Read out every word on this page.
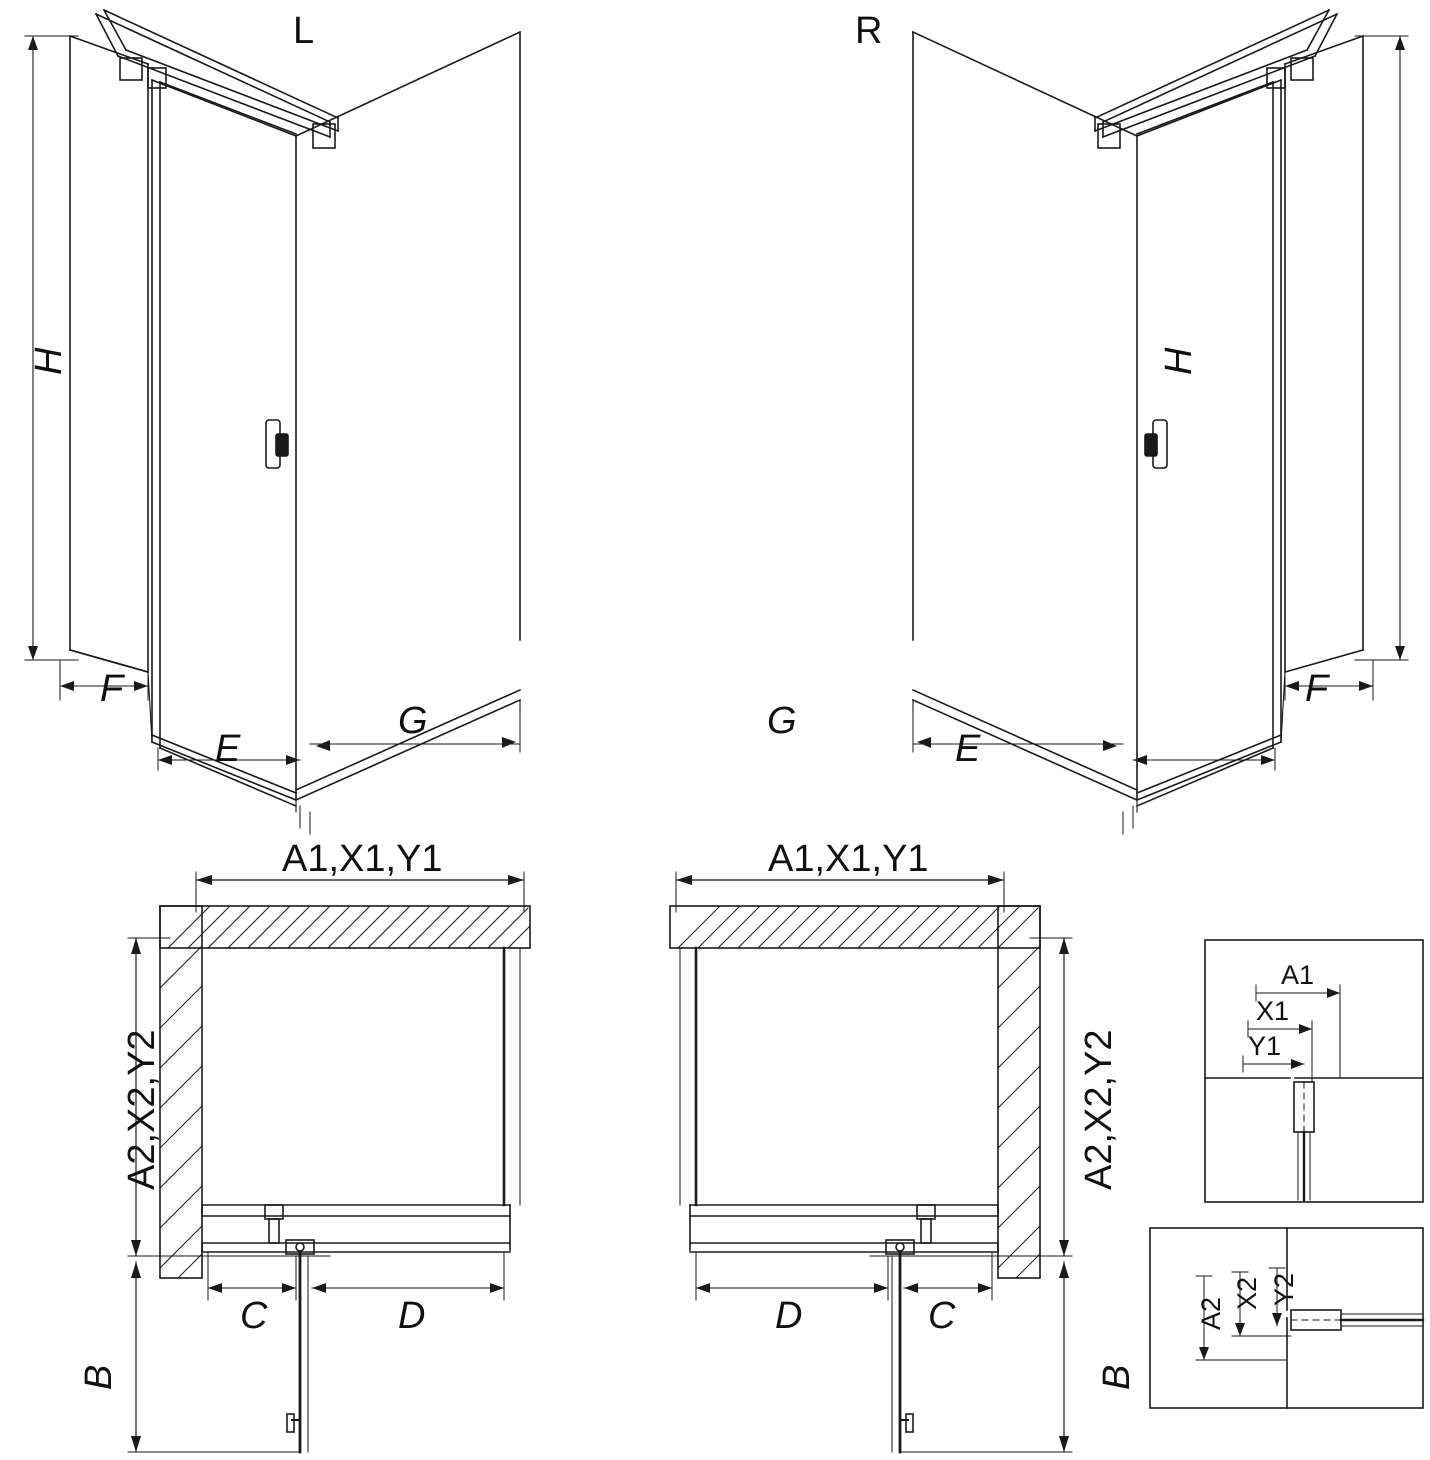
L	R
H	H
F
E
G	G
E
F
A1,X1,Y1	A1,X1,Y1
A2,X2,Y2	A2,X2,Y2
C	D	D	C
B	B
A1
X1
Y1
A2
X2 Y2
